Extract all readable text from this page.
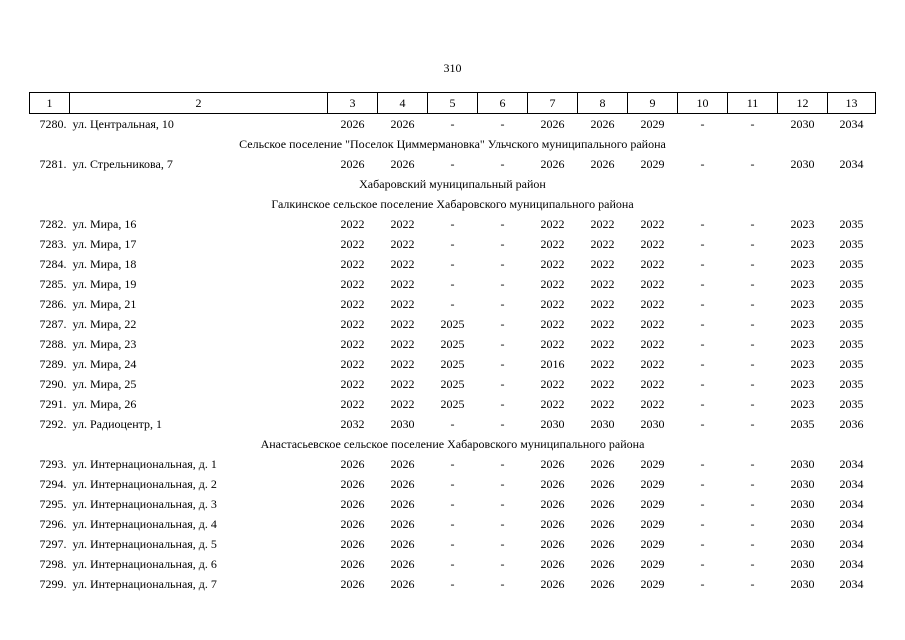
310
1	2	3	4	5	6	7	8	9	10	11	12	13
7280.	ул. Центральная, 10	2026	2026	-	-	2026	2026	2029	-	-	2030	2034
Сельское поселение "Поселок Циммермановка" Ульчского муниципального района												
7281.	ул. Стрельникова, 7	2026	2026	-	-	2026	2026	2029	-	-	2030	2034
Хабаровский муниципальный район												
Галкинское сельское поселение Хабаровского муниципального района												
7282.	ул. Мира, 16	2022	2022	-	-	2022	2022	2022	-	-	2023	2035
7283.	ул. Мира, 17	2022	2022	-	-	2022	2022	2022	-	-	2023	2035
7284.	ул. Мира, 18	2022	2022	-	-	2022	2022	2022	-	-	2023	2035
7285.	ул. Мира, 19	2022	2022	-	-	2022	2022	2022	-	-	2023	2035
7286.	ул. Мира, 21	2022	2022	-	-	2022	2022	2022	-	-	2023	2035
7287.	ул. Мира, 22	2022	2022	2025	-	2022	2022	2022	-	-	2023	2035
7288.	ул. Мира, 23	2022	2022	2025	-	2022	2022	2022	-	-	2023	2035
7289.	ул. Мира, 24	2022	2022	2025	-	2016	2022	2022	-	-	2023	2035
7290.	ул. Мира, 25	2022	2022	2025	-	2022	2022	2022	-	-	2023	2035
7291.	ул. Мира, 26	2022	2022	2025	-	2022	2022	2022	-	-	2023	2035
7292.	ул. Радиоцентр, 1	2032	2030	-	-	2030	2030	2030	-	-	2035	2036
Анастасьевское сельское поселение Хабаровского муниципального района												
7293.	ул. Интернациональная, д. 1	2026	2026	-	-	2026	2026	2029	-	-	2030	2034
7294.	ул. Интернациональная, д. 2	2026	2026	-	-	2026	2026	2029	-	-	2030	2034
7295.	ул. Интернациональная, д. 3	2026	2026	-	-	2026	2026	2029	-	-	2030	2034
7296.	ул. Интернациональная, д. 4	2026	2026	-	-	2026	2026	2029	-	-	2030	2034
7297.	ул. Интернациональная, д. 5	2026	2026	-	-	2026	2026	2029	-	-	2030	2034
7298.	ул. Интернациональная, д. 6	2026	2026	-	-	2026	2026	2029	-	-	2030	2034
7299.	ул. Интернациональная, д. 7	2026	2026	-	-	2026	2026	2029	-	-	2030	2034
